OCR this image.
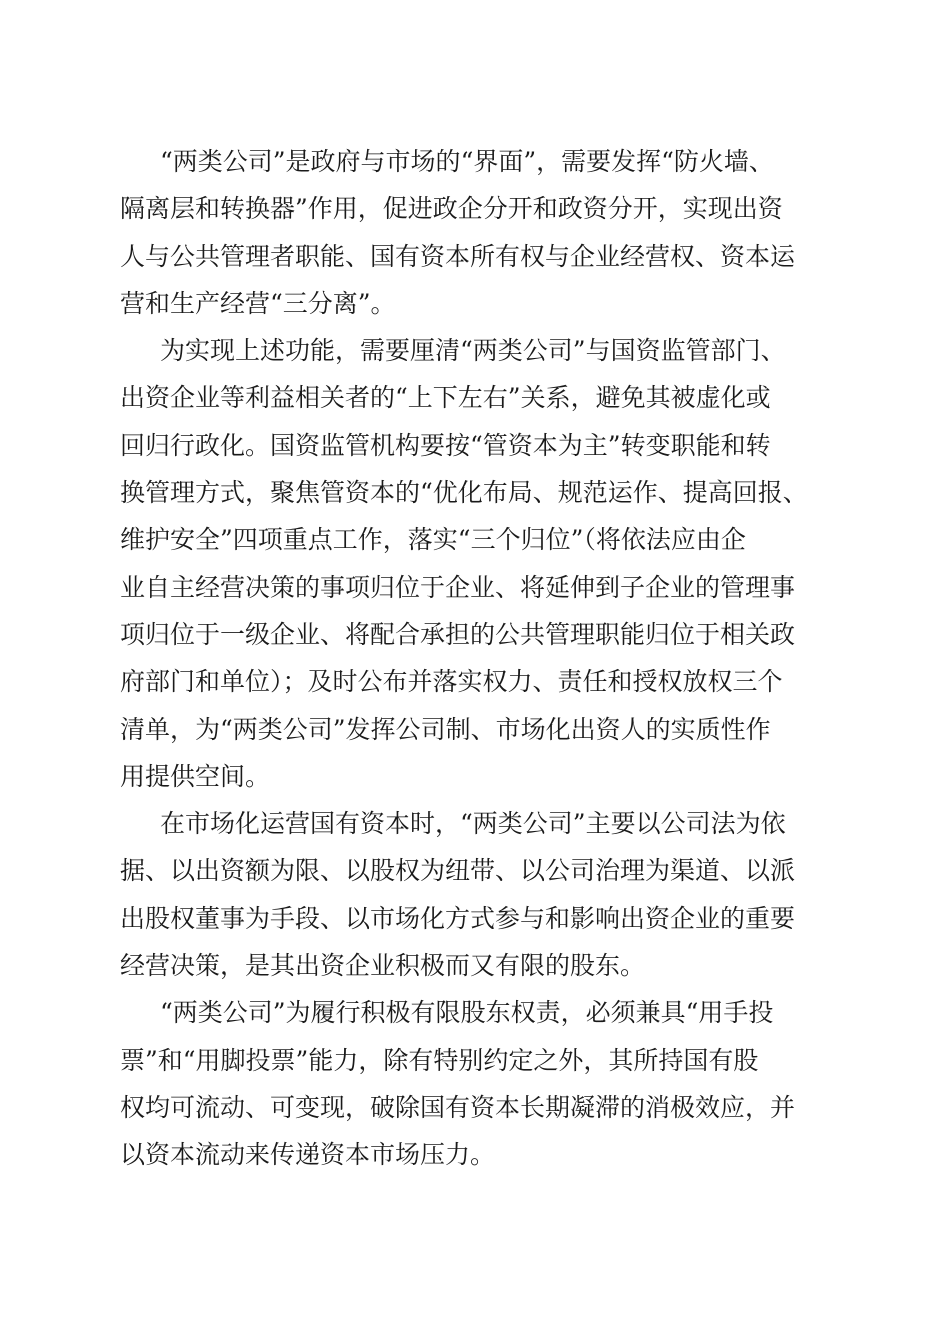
“两类公司”是政府与市场的“界面”，需要发挥“防火墙、
隔离层和转换器”作用，促进政企分开和政资分开，实现出资
人与公共管理者职能、国有资本所有权与企业经营权、资本运
营和生产经营“三分离”。
为实现上述功能，需要厘清“两类公司”与国资监管部门、
出资企业等利益相关者的“上下左右”关系，避免其被虚化或
回归行政化。国资监管机构要按“管资本为主”转变职能和转
换管理方式，聚焦管资本的“优化布局、规范运作、提高回报、
维护安全”四项重点工作，落实“三个归位”（将依法应由企
业自主经营决策的事项归位于企业、将延伸到子企业的管理事
项归位于一级企业、将配合承担的公共管理职能归位于相关政
府部门和单位）；及时公布并落实权力、责任和授权放权三个
清单，为“两类公司”发挥公司制、市场化出资人的实质性作
用提供空间。
在市场化运营国有资本时，“两类公司”主要以公司法为依
据、以出资额为限、以股权为纽带、以公司治理为渠道、以派
出股权董事为手段、以市场化方式参与和影响出资企业的重要
经营决策，是其出资企业积极而又有限的股东。
“两类公司”为履行积极有限股东权责，必须兼具“用手投
票”和“用脚投票”能力，除有特别约定之外，其所持国有股
权均可流动、可变现，破除国有资本长期凝滞的消极效应，并
以资本流动来传递资本市场压力。
